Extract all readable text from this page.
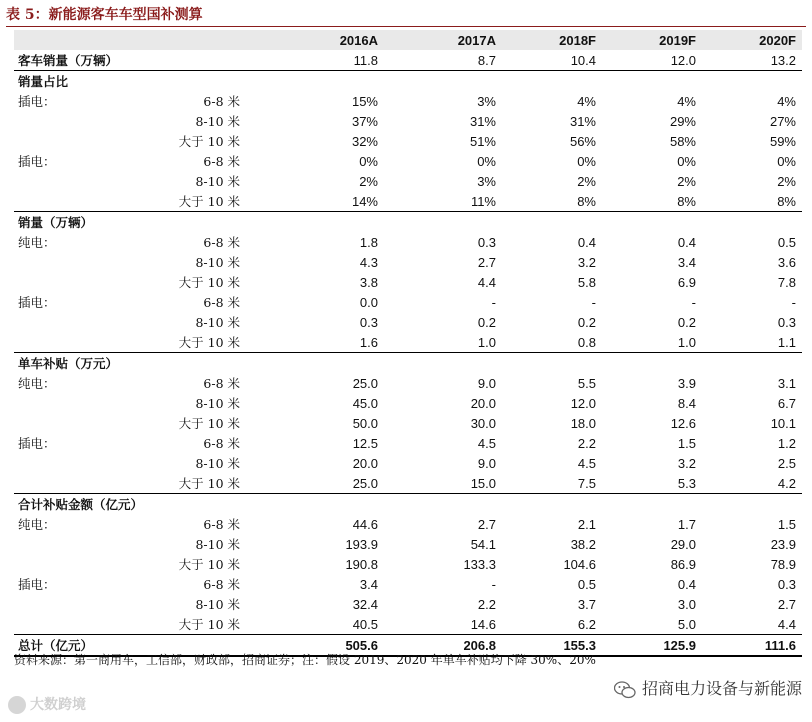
表 5：新能源客车车型国补测算
		2016A	2017A	2018F	2019F	2020F
客车销量（万辆）		11.8	8.7	10.4	12.0	13.2
销量占比						
插电：	6-8 米	15%	3%	4%	4%	4%
	8-10 米	37%	31%	31%	29%	27%
	大于 10 米	32%	51%	56%	58%	59%
插电：	6-8 米	0%	0%	0%	0%	0%
	8-10 米	2%	3%	2%	2%	2%
	大于 10 米	14%	11%	8%	8%	8%
销量（万辆）						
纯电：	6-8 米	1.8	0.3	0.4	0.4	0.5
	8-10 米	4.3	2.7	3.2	3.4	3.6
	大于 10 米	3.8	4.4	5.8	6.9	7.8
插电：	6-8 米	0.0	-	-	-	-
	8-10 米	0.3	0.2	0.2	0.2	0.3
	大于 10 米	1.6	1.0	0.8	1.0	1.1
单车补贴（万元）						
纯电：	6-8 米	25.0	9.0	5.5	3.9	3.1
	8-10 米	45.0	20.0	12.0	8.4	6.7
	大于 10 米	50.0	30.0	18.0	12.6	10.1
插电：	6-8 米	12.5	4.5	2.2	1.5	1.2
	8-10 米	20.0	9.0	4.5	3.2	2.5
	大于 10 米	25.0	15.0	7.5	5.3	4.2
合计补贴金额（亿元）						
纯电：	6-8 米	44.6	2.7	2.1	1.7	1.5
	8-10 米	193.9	54.1	38.2	29.0	23.9
	大于 10 米	190.8	133.3	104.6	86.9	78.9
插电：	6-8 米	3.4	-	0.5	0.4	0.3
	8-10 米	32.4	2.2	3.7	3.0	2.7
	大于 10 米	40.5	14.6	6.2	5.0	4.4
总计（亿元）		505.6	206.8	155.3	125.9	111.6
资料来源：第一商用车，工信部，财政部，招商证券；注：假设 2019、2020 年单车补贴均下降 30%、20%
大数跨境
招商电力设备与新能源
